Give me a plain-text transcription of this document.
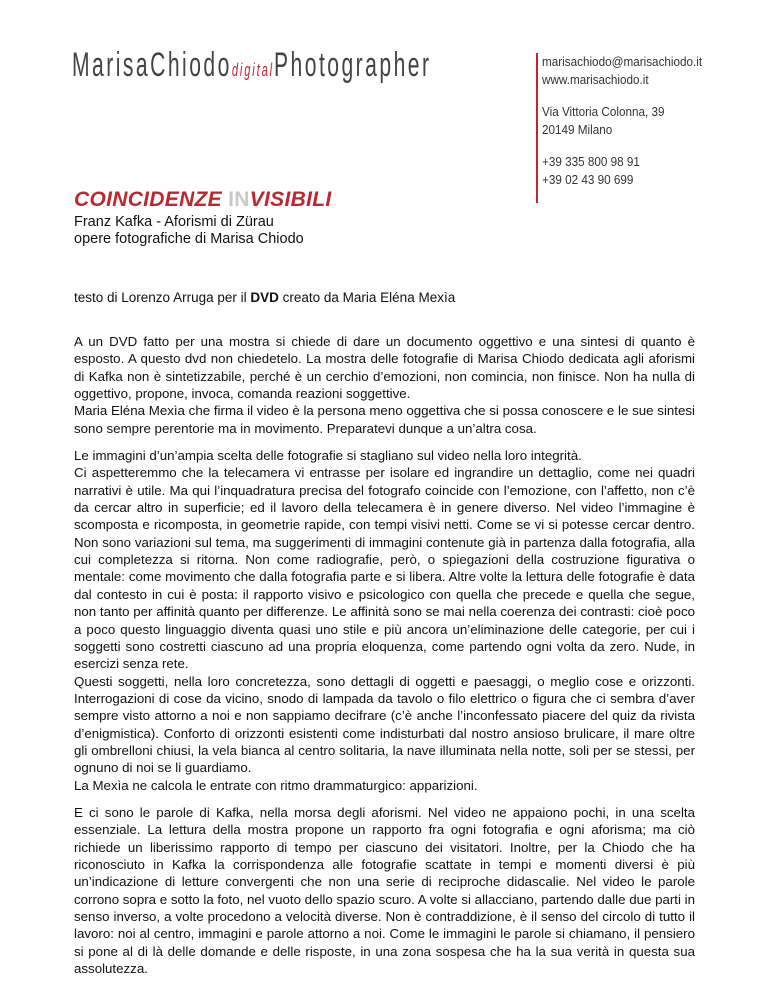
MarisaChiododigitalPhotographer	marisachiodo@marisachiodo.it
www.marisachiodo.it
Via Vittoria Colonna, 39
20149 Milano
+39 335 800 98 91
+39 02 43 90 699
COINCIDENZE INVISIBILI
Franz Kafka - Aforismi di Zürau
opere fotografiche di Marisa Chiodo
testo di Lorenzo Arruga per il DVD creato da Maria Eléna Mexìa

A un DVD fatto per una mostra si chiede di dare un documento oggettivo e una sintesi di quanto è esposto. A questo dvd non chiedetelo. La mostra delle fotografie di Marisa Chiodo dedicata agli aforismi di Kafka non è sintetizzabile, perché è un cerchio d’emozioni, non comincia, non finisce. Non ha nulla di oggettivo, propone, invoca, comanda reazioni soggettive.
Maria Eléna Mexìa che firma il video è la persona meno oggettiva che si possa conoscere e le sue sintesi sono sempre perentorie ma in movimento. Preparatevi dunque a un’altra cosa.

Le immagini d’un’ampia scelta delle fotografie si stagliano sul video nella loro integrità.
Ci aspetteremmo che la telecamera vi entrasse per isolare ed ingrandire un dettaglio, come nei quadri narrativi è utile. Ma qui l’inquadratura precisa del fotografo coincide con l’emozione, con l’affetto, non c’è da cercar altro in superficie; ed il lavoro della telecamera è in genere diverso. Nel video l’immagine è scomposta e ricomposta, in geometrie rapide, con tempi visivi netti. Come se vi si potesse cercar dentro. Non sono variazioni sul tema, ma suggerimenti di immagini contenute già in partenza dalla fotografia, alla cui completezza si ritorna. Non come radiografie, però, o spiegazioni della costruzione figurativa o mentale: come movimento che dalla fotografia parte e si libera. Altre volte la lettura delle fotografie è data dal contesto in cui è posta: il rapporto visivo e psicologico con quella che precede e quella che segue, non tanto per affinità quanto per differenze. Le affinità sono se mai nella coerenza dei contrasti: cioè poco a poco questo linguaggio diventa quasi uno stile e più ancora un’eliminazione delle categorie, per cui i soggetti sono costretti ciascuno ad una propria eloquenza, come partendo ogni volta da zero. Nude, in esercizi senza rete.
Questi soggetti, nella loro concretezza, sono dettagli di oggetti e paesaggi, o meglio cose e orizzonti. Interrogazioni di cose da vicino, snodo di lampada da tavolo o filo elettrico o figura che ci sembra d’aver sempre visto attorno a noi e non sappiamo decifrare (c’è anche l’inconfessato piacere del quiz da rivista d’enigmistica). Conforto di orizzonti esistenti come indisturbati dal nostro ansioso brulicare, il mare oltre gli ombrelloni chiusi, la vela bianca al centro solitaria, la nave illuminata nella notte, soli per se stessi, per ognuno di noi se li guardiamo.
La Mexìa ne calcola le entrate con ritmo drammaturgico: apparizioni.

E ci sono le parole di Kafka, nella morsa degli aforismi. Nel video ne appaiono pochi, in una scelta essenziale. La lettura della mostra propone un rapporto fra ogni fotografia e ogni aforisma; ma ciò richiede un liberissimo rapporto di tempo per ciascuno dei visitatori. Inoltre, per la Chiodo che ha riconosciuto in Kafka la corrispondenza alle fotografie scattate in tempi e momenti diversi è più un’indicazione di letture convergenti che non una serie di reciproche didascalie. Nel video le parole corrono sopra e sotto la foto, nel vuoto dello spazio scuro. A volte si allacciano, partendo dalle due parti in senso inverso, a volte procedono a velocità diverse. Non è contraddizione, è il senso del circolo di tutto il lavoro: noi al centro, immagini e parole attorno a noi. Come le immagini le parole si chiamano, il pensiero si pone al di là delle domande e delle risposte, in una zona sospesa che ha la sua verità in questa sua assolutezza.
